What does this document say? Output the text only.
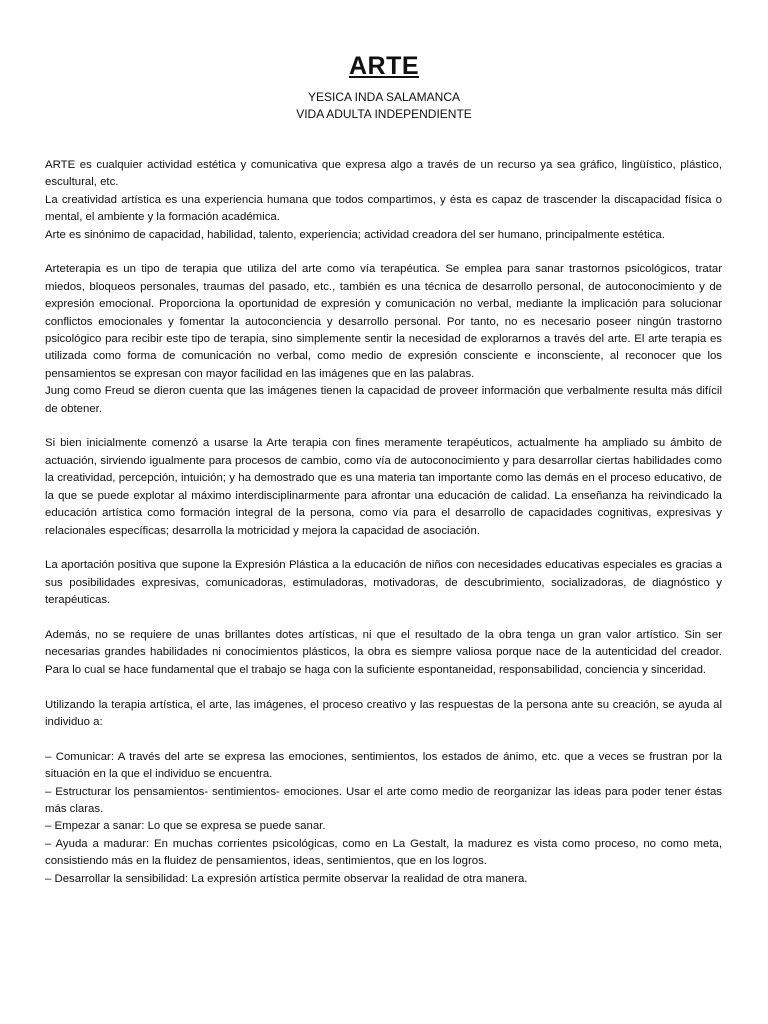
ARTE
YESICA INDA SALAMANCA
VIDA ADULTA INDEPENDIENTE

ARTE es cualquier actividad estética y comunicativa que expresa algo a través de un recurso ya sea gráfico, lingüístico, plástico, escultural, etc.

La creatividad artística es una experiencia humana que todos compartimos, y ésta es capaz de trascender la discapacidad física o mental, el ambiente y la formación académica.

Arte es sinónimo de capacidad, habilidad, talento, experiencia; actividad creadora del ser humano, principalmente estética.

Arteterapia es un tipo de terapia que utiliza del arte como vía terapéutica. Se emplea para sanar trastornos psicológicos, tratar miedos, bloqueos personales, traumas del pasado, etc., también es una técnica de desarrollo personal, de autoconocimiento y de expresión emocional. Proporciona la oportunidad de expresión y comunicación no verbal, mediante la implicación para solucionar conflictos emocionales y fomentar la autoconciencia y desarrollo personal. Por tanto, no es necesario poseer ningún trastorno psicológico para recibir este tipo de terapia, sino simplemente sentir la necesidad de explorarnos a través del arte. El arte terapia es utilizada como forma de comunicación no verbal, como medio de expresión consciente e inconsciente, al reconocer que los pensamientos se expresan con mayor facilidad en las imágenes que en las palabras.

Jung como Freud se dieron cuenta que las imágenes tienen la capacidad de proveer información que verbalmente resulta más difícil de obtener.

Si bien inicialmente comenzó a usarse la Arte terapia con fines meramente terapéuticos, actualmente ha ampliado su ámbito de actuación, sirviendo igualmente para procesos de cambio, como vía de autoconocimiento y para desarrollar ciertas habilidades como la creatividad, percepción, intuición; y ha demostrado que es una materia tan importante como las demás en el proceso educativo, de la que se puede explotar al máximo interdisciplinarmente para afrontar una educación de calidad. La enseñanza ha reivindicado la educación artística como formación integral de la persona, como vía para el desarrollo de capacidades cognitivas, expresivas y relacionales específicas; desarrolla la motricidad y mejora la capacidad de asociación.

La aportación positiva que supone la Expresión Plástica a la educación de niños con necesidades educativas especiales es gracias a sus posibilidades expresivas, comunicadoras, estimuladoras, motivadoras, de descubrimiento, socializadoras, de diagnóstico y terapéuticas.

Además, no se requiere de unas brillantes dotes artísticas, ni que el resultado de la obra tenga un gran valor artístico. Sin ser necesarias grandes habilidades ni conocimientos plásticos, la obra es siempre valiosa porque nace de la autenticidad del creador. Para lo cual se hace fundamental que el trabajo se haga con la suficiente espontaneidad, responsabilidad, conciencia y sinceridad.

Utilizando la terapia artística, el arte, las imágenes, el proceso creativo y las respuestas de la persona ante su creación, se ayuda al individuo a:

– Comunicar: A través del arte se expresa las emociones, sentimientos, los estados de ánimo, etc. que a veces se frustran por la situación en la que el individuo se encuentra.

– Estructurar los pensamientos- sentimientos- emociones. Usar el arte como medio de reorganizar las ideas para poder tener éstas más claras.

– Empezar a sanar: Lo que se expresa se puede sanar.

– Ayuda a madurar: En muchas corrientes psicológicas, como en La Gestalt, la madurez es vista como proceso, no como meta, consistiendo más en la fluidez de pensamientos, ideas, sentimientos, que en los logros.

– Desarrollar la sensibilidad: La expresión artística permite observar la realidad de otra manera.
